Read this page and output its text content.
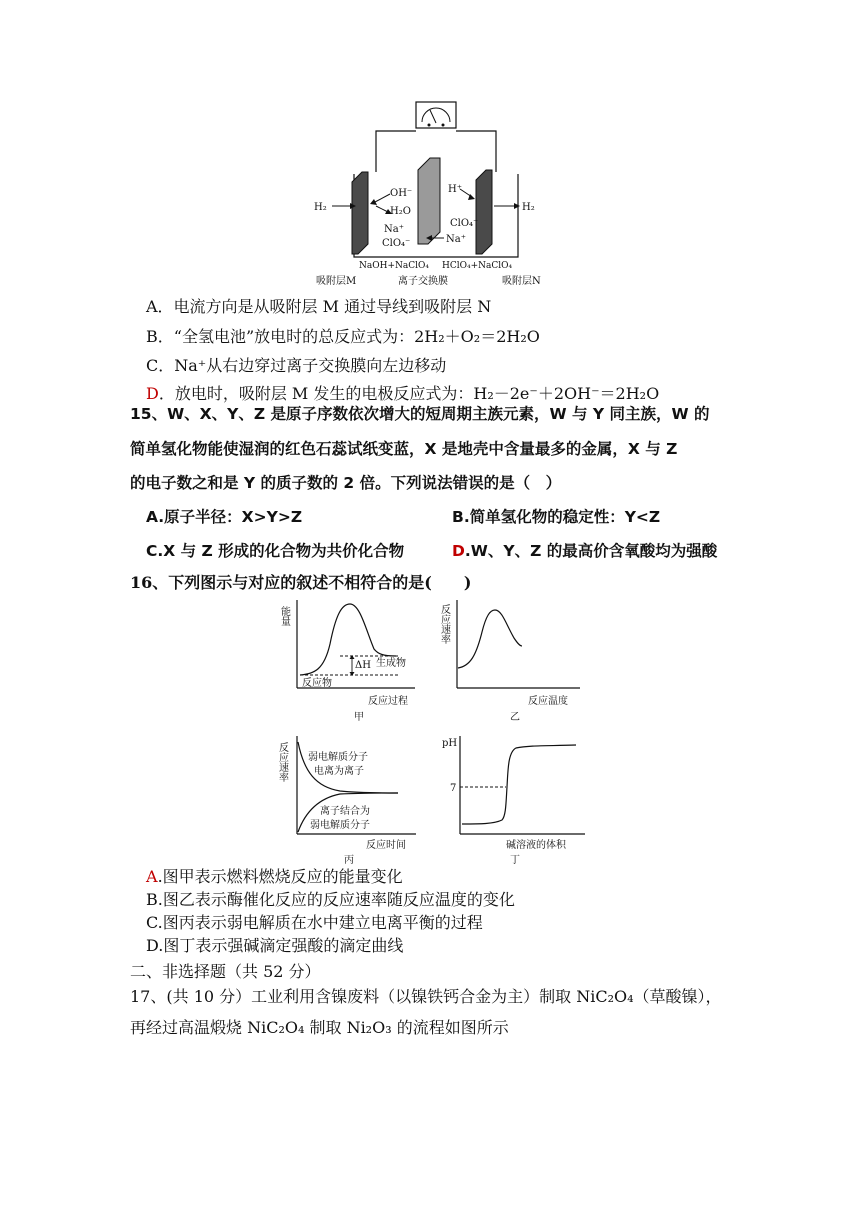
H₂	H₂
OH⁻
H₂O
Na⁺
ClO₄⁻
H⁺
ClO₄⁻
Na⁺
NaOH+NaClO₄ HClO₄+NaClO₄
吸附层M	离子交换膜	吸附层N
A．电流方向是从吸附层 M 通过导线到吸附层 N
B．“全氢电池”放电时的总反应式为：2H₂＋O₂＝2H₂O
C．Na⁺从右边穿过离子交换膜向左边移动
D．放电时，吸附层 M 发生的电极反应式为：H₂－2e⁻＋2OH⁻＝2H₂O
15、W、X、Y、Z 是原子序数依次增大的短周期主族元素，W 与 Y 同主族，W 的
简单氢化物能使湿润的红色石蕊试纸变蓝，X 是地壳中含量最多的金属，X 与 Z
的电子数之和是 Y 的质子数的 2 倍。下列说法错误的是（　）
A.原子半径：X>Y>Z	B.简单氢化物的稳定性：Y<Z
C.X 与 Z 形成的化合物为共价化合物	D.W、Y、Z 的最高价含氧酸均为强酸
16、下列图示与对应的叙述不相符合的是(　　)
能量
ΔH 生成物
反应物
反应过程
甲
反应速率
反应温度
乙
反应速率 弱电解质分子
电离为离子
离子结合为
弱电解质分子
反应时间
丙
pH
7
碱溶液的体积
丁
A.图甲表示燃料燃烧反应的能量变化
B.图乙表示酶催化反应的反应速率随反应温度的变化
C.图丙表示弱电解质在水中建立电离平衡的过程
D.图丁表示强碱滴定强酸的滴定曲线
二、非选择题（共 52 分）
17、(共 10 分）工业利用含镍废料（以镍铁钙合金为主）制取 NiC₂O₄（草酸镍），
再经过高温煅烧 NiC₂O₄ 制取 Ni₂O₃ 的流程如图所示
